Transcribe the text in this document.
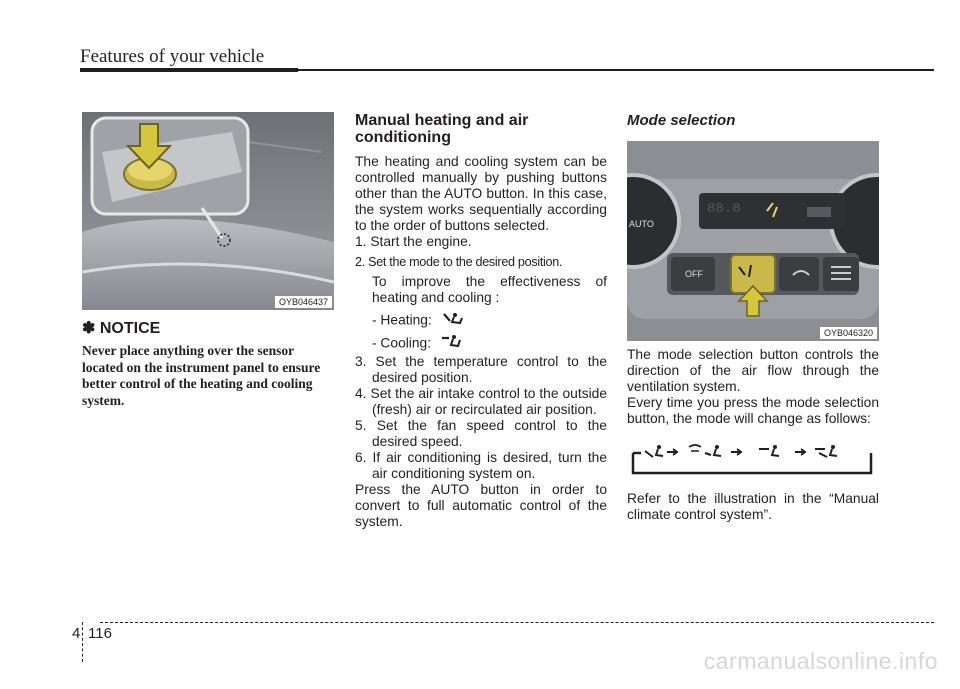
Features of your vehicle
OYB046437
✽ NOTICE
Never place anything over the sensor located on the instrument panel to ensure better control of the heating and cooling system.
Manual heating and air conditioning

The heating and cooling system can be controlled manually by pushing buttons other than the AUTO button. In this case, the system works sequentially according to the order of buttons selected.

1. Start the engine.

2. Set the mode to the desired position.

To improve the effectiveness of heating and cooling :

- Heating:
- Cooling:

3. Set the temperature control to the desired position.

4. Set the air intake control to the outside (fresh) air or recirculated air position.

5. Set the fan speed control to the desired speed.

6. If air conditioning is desired, turn the air conditioning system on.

Press the AUTO button in order to convert to full automatic control of the system.

Mode selection
AUTO
OFF
88.8
OYB046320

The mode selection button controls the direction of the air flow through the ventilation system.

Every time you press the mode selection button, the mode will change as follows:

Refer to the illustration in the “Manual climate control system”.

4 116
carmanualsonline.info
